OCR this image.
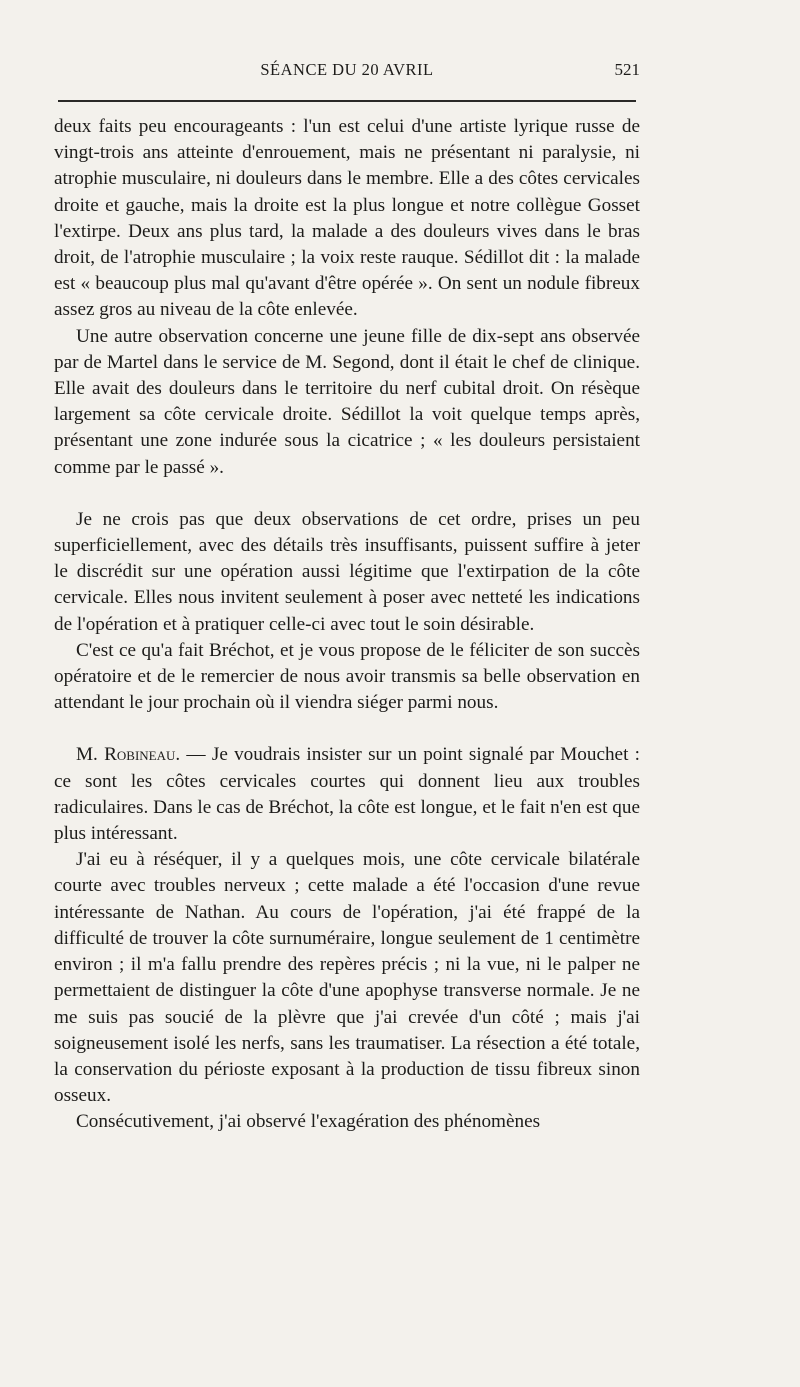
SÉANCE DU 20 AVRIL	521

deux faits peu encourageants : l'un est celui d'une artiste lyrique russe de vingt-trois ans atteinte d'enrouement, mais ne présentant ni paralysie, ni atrophie musculaire, ni douleurs dans le membre. Elle a des côtes cervicales droite et gauche, mais la droite est la plus longue et notre collègue Gosset l'extirpe. Deux ans plus tard, la malade a des douleurs vives dans le bras droit, de l'atrophie musculaire ; la voix reste rauque. Sédillot dit : la malade est « beaucoup plus mal qu'avant d'être opérée ». On sent un nodule fibreux assez gros au niveau de la côte enlevée.

Une autre observation concerne une jeune fille de dix-sept ans observée par de Martel dans le service de M. Segond, dont il était le chef de clinique. Elle avait des douleurs dans le territoire du nerf cubital droit. On résèque largement sa côte cervicale droite. Sédillot la voit quelque temps après, présentant une zone indurée sous la cicatrice ; « les douleurs persistaient comme par le passé ».

Je ne crois pas que deux observations de cet ordre, prises un peu superficiellement, avec des détails très insuffisants, puissent suffire à jeter le discrédit sur une opération aussi légitime que l'extirpation de la côte cervicale. Elles nous invitent seulement à poser avec netteté les indications de l'opération et à pratiquer celle-ci avec tout le soin désirable.

C'est ce qu'a fait Bréchot, et je vous propose de le féliciter de son succès opératoire et de le remercier de nous avoir transmis sa belle observation en attendant le jour prochain où il viendra siéger parmi nous.

M. Robineau. — Je voudrais insister sur un point signalé par Mouchet : ce sont les côtes cervicales courtes qui donnent lieu aux troubles radiculaires. Dans le cas de Bréchot, la côte est longue, et le fait n'en est que plus intéressant.

J'ai eu à réséquer, il y a quelques mois, une côte cervicale bilatérale courte avec troubles nerveux ; cette malade a été l'occasion d'une revue intéressante de Nathan. Au cours de l'opération, j'ai été frappé de la difficulté de trouver la côte surnuméraire, longue seulement de 1 centimètre environ ; il m'a fallu prendre des repères précis ; ni la vue, ni le palper ne permettaient de distinguer la côte d'une apophyse transverse normale. Je ne me suis pas soucié de la plèvre que j'ai crevée d'un côté ; mais j'ai soigneusement isolé les nerfs, sans les traumatiser. La résection a été totale, la conservation du périoste exposant à la production de tissu fibreux sinon osseux.

Consécutivement, j'ai observé l'exagération des phénomènes
